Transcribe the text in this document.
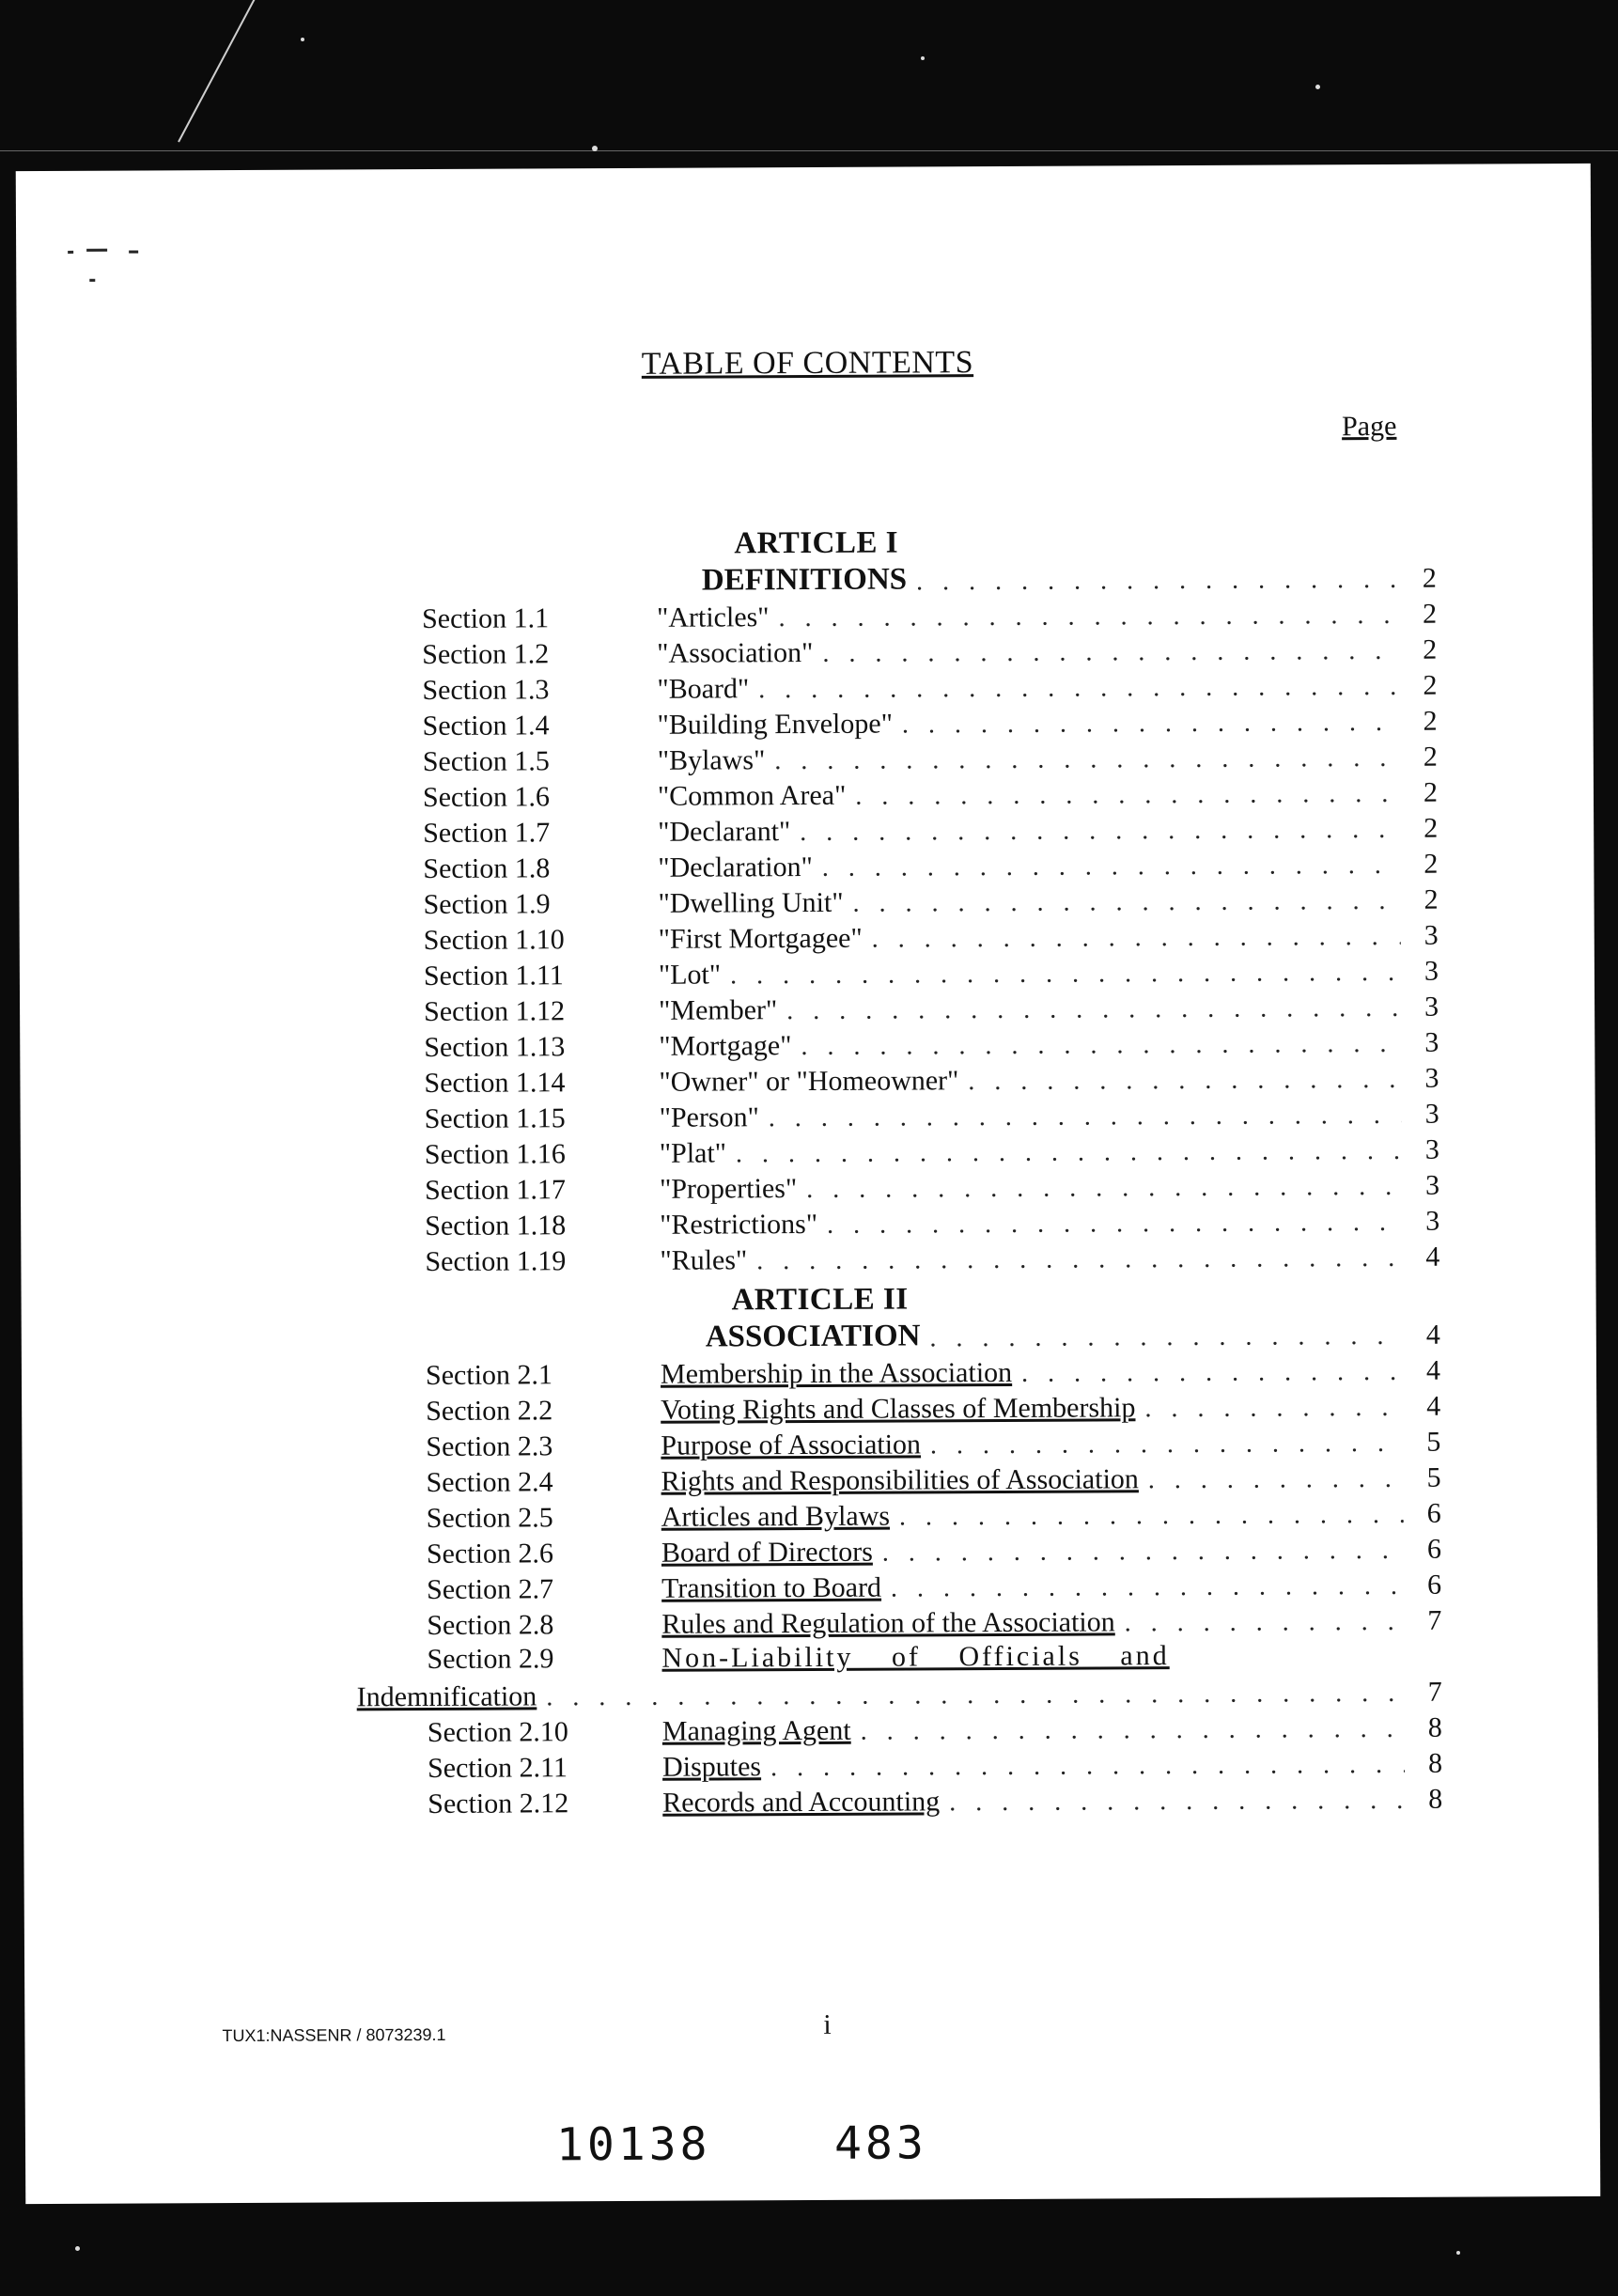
TABLE OF CONTENTS
Page
ARTICLE I
DEFINITIONS . . .	2
Section 1.1	"Articles" . . .	2
Section 1.2	"Association" . . .	2
Section 1.3	"Board" . . .	2
Section 1.4	"Building Envelope" . . .	2
Section 1.5	"Bylaws" . . .	2
Section 1.6	"Common Area" . . .	2
Section 1.7	"Declarant" . . .	2
Section 1.8	"Declaration" . . .	2
Section 1.9	"Dwelling Unit" . . .	2
Section 1.10	"First Mortgagee" . . .	3
Section 1.11	"Lot" . . .	3
Section 1.12	"Member" . . .	3
Section 1.13	"Mortgage" . . .	3
Section 1.14	"Owner" or "Homeowner" . . .	3
Section 1.15	"Person" . . .	3
Section 1.16	"Plat" . . .	3
Section 1.17	"Properties" . . .	3
Section 1.18	"Restrictions" . . .	3
Section 1.19	"Rules" . . .	4
ARTICLE II
ASSOCIATION . . .	4
Section 2.1	Membership in the Association . . .	4
Section 2.2	Voting Rights and Classes of Membership . . .	4
Section 2.3	Purpose of Association . . .	5
Section 2.4	Rights and Responsibilities of Association . . .	5
Section 2.5	Articles and Bylaws . . .	6
Section 2.6	Board of Directors . . .	6
Section 2.7	Transition to Board . . .	6
Section 2.8	Rules and Regulation of the Association . . .	7
Section 2.9	Non-Liability of Officials and
Indemnification . . .	7
Section 2.10	Managing Agent . . .	8
Section 2.11	Disputes . . .	8
Section 2.12	Records and Accounting . . .	8
TUX1:NASSENR / 8073239.1	i
10138	483
